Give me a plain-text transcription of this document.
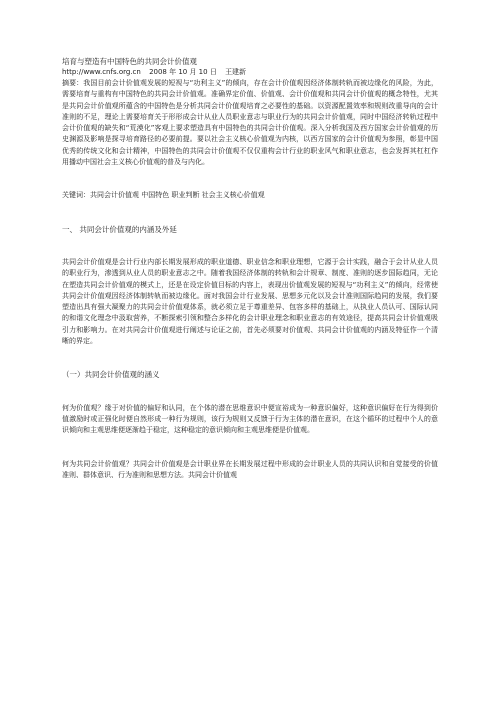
培育与塑造有中国特色的共同会计价值观

http://www.cnfs.org.cn 2008 年 10 月 10 日 王建新

摘要：我国目前会计价值观发展的短视与“功利主义”的倾向，存在会计价值观因经济体制转轨而被边缘化的风险，为此，需要培育与重构有中国特色的共同会计价值观。准确界定价值、价值观、会计价值观和共同会计价值观的概念特性，尤其是共同会计价值观所蕴含的中国特色是分析共同会计价值观培育之必要性的基础。以资源配置效率和规则改重导向的会计准则的不足，理论上需要培育关于形形成会计从业人员职业意志与职业行为的共同会计价值观，同时中国经济转轨过程中会计价值观的缺失和“荒漠化”客观上要求塑造具有中国特色的共同会计价值观。深入分析我国及西方国家会计价值观的历史渊源及影响是探寻培育路径的必要前提。要以社会主义核心价值观为内核，以西方国家的会计价值观为参照，彰显中国优秀的传统文化和会计精神，中国特色的共同会计价值观不仅仅重构会计行业的职业风气和职业意志，也会发挥其杠杠作用播动中国社会主义核心价值观的普及与内化。

关键词：共同会计价值观 中国特色 职业判断 社会主义核心价值观

一、 共同会计价值观的内涵及外延

共同会计价值观是会计行业内部长期发展形成的职业道德、职业信念和职业理想，它源于会计实践，融合于会计从业人员的职业行为，渗透到从业人员的职业意志之中。随着我国经济体制的转轨和会计规章、制度、准则的逐步国际趋同，无论在塑造共同会计价值观的模式上，还是在设定价值目标的内容上，表现出价值观发展的短视与“功利主义”的倾向，经常使共同会计价值观因经济体制转轨而被边缘化。面对我国会计行业发展、思想多元化以及会计准则国际趋同的发展，我们要塑造出具有强大凝聚力的共同会计价值观体系，就必须立足于尊重差异、包容多样的基础上，从执业人员认可、国际认同的和谐文化理念中汲取营养，不断探索引领和整合多样化的会计职业理念和职业意志的有效途径，提高共同会计价值观吸引力和影响力。在对共同会计价值观进行阐述与论证之前，首先必须要对价值观、共同会计价值观的内涵及特征作一个清晰的界定。

（一）共同会计价值观的涵义

何为价值观？缘于对价值的偏好和认同，在个体的潜在思维意识中便宣裕成为一种意识偏好，这种意识偏好在行为得到价值激励时或正强化时便自然形成一种行为规则，该行为规则又反馈于行为主体的潜在意识，在这个循环的过程中个人的意识倾向和主观思维便逐渐趋于稳定，这种稳定的意识倾向和主观思维便是价值观。

何为共同会计价值观？共同会计价值观是会计职业界在长期发展过程中形成的会计职业人员的共同认识和自觉接受的价值准则、群体意识、行为准则和思想方法。共同会计价值观
